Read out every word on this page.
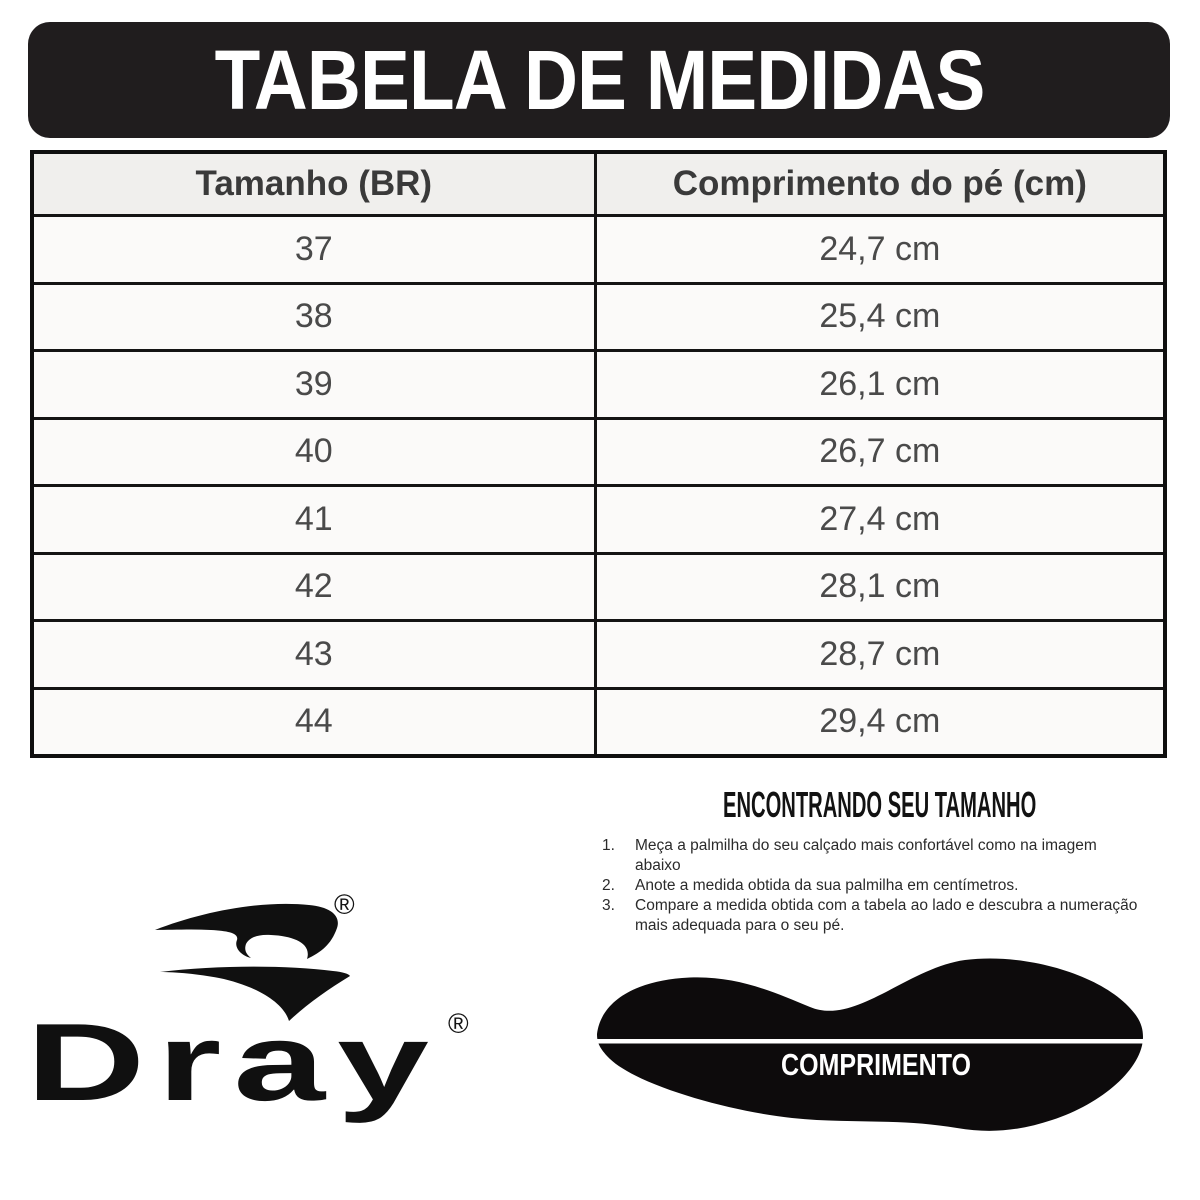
TABELA DE MEDIDAS
Tamanho (BR)	Comprimento do pé (cm)
37	24,7 cm
38	25,4 cm
39	26,1 cm
40	26,7 cm
41	27,4 cm
42	28,1 cm
43	28,7 cm
44	29,4 cm
®
Dray ®
ENCONTRANDO SEU TAMANHO
1.	Meça a palmilha do seu calçado mais confortável como na imagem abaixo
2.	Anote a medida obtida da sua palmilha em centímetros.
3.	Compare a medida obtida com a tabela ao lado e descubra a numeração mais adequada para o seu pé.
COMPRIMENTO
